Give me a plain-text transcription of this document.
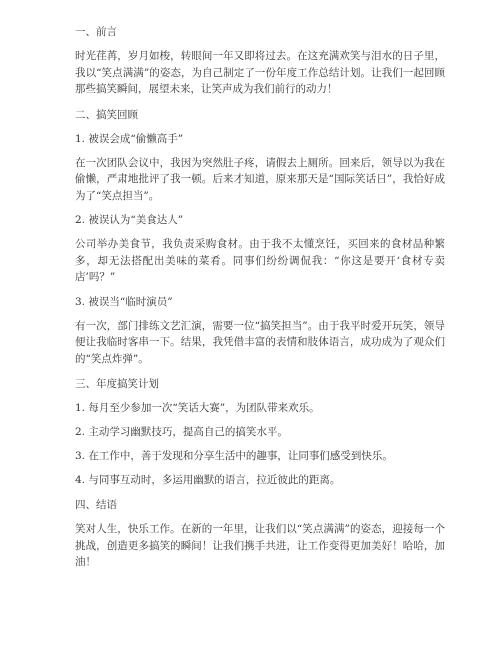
一、前言

时光荏苒，岁月如梭，转眼间一年又即将过去。在这充满欢笑与泪水的日子里，我以“笑点满满”的姿态，为自己制定了一份年度工作总结计划。让我们一起回顾那些搞笑瞬间，展望未来，让笑声成为我们前行的动力！

二、搞笑回顾

1. 被误会成“偷懒高手”

在一次团队会议中，我因为突然肚子疼，请假去上厕所。回来后，领导以为我在偷懒，严肃地批评了我一顿。后来才知道，原来那天是“国际笑话日”，我恰好成为了“笑点担当”。

2. 被误认为“美食达人”

公司举办美食节，我负责采购食材。由于我不太懂烹饪，买回来的食材品种繁多，却无法搭配出美味的菜肴。同事们纷纷调侃我：“你这是要开‘食材专卖店’吗？”

3. 被误当“临时演员”

有一次，部门排练文艺汇演，需要一位“搞笑担当”。由于我平时爱开玩笑，领导便让我临时客串一下。结果，我凭借丰富的表情和肢体语言，成功成为了观众们的“笑点炸弹”。

三、年度搞笑计划

1. 每月至少参加一次“笑话大赛”，为团队带来欢乐。

2. 主动学习幽默技巧，提高自己的搞笑水平。

3. 在工作中，善于发现和分享生活中的趣事，让同事们感受到快乐。

4. 与同事互动时，多运用幽默的语言，拉近彼此的距离。

四、结语

笑对人生，快乐工作。在新的一年里，让我们以“笑点满满”的姿态，迎接每一个挑战，创造更多搞笑的瞬间！让我们携手共进，让工作变得更加美好！哈哈，加油！
